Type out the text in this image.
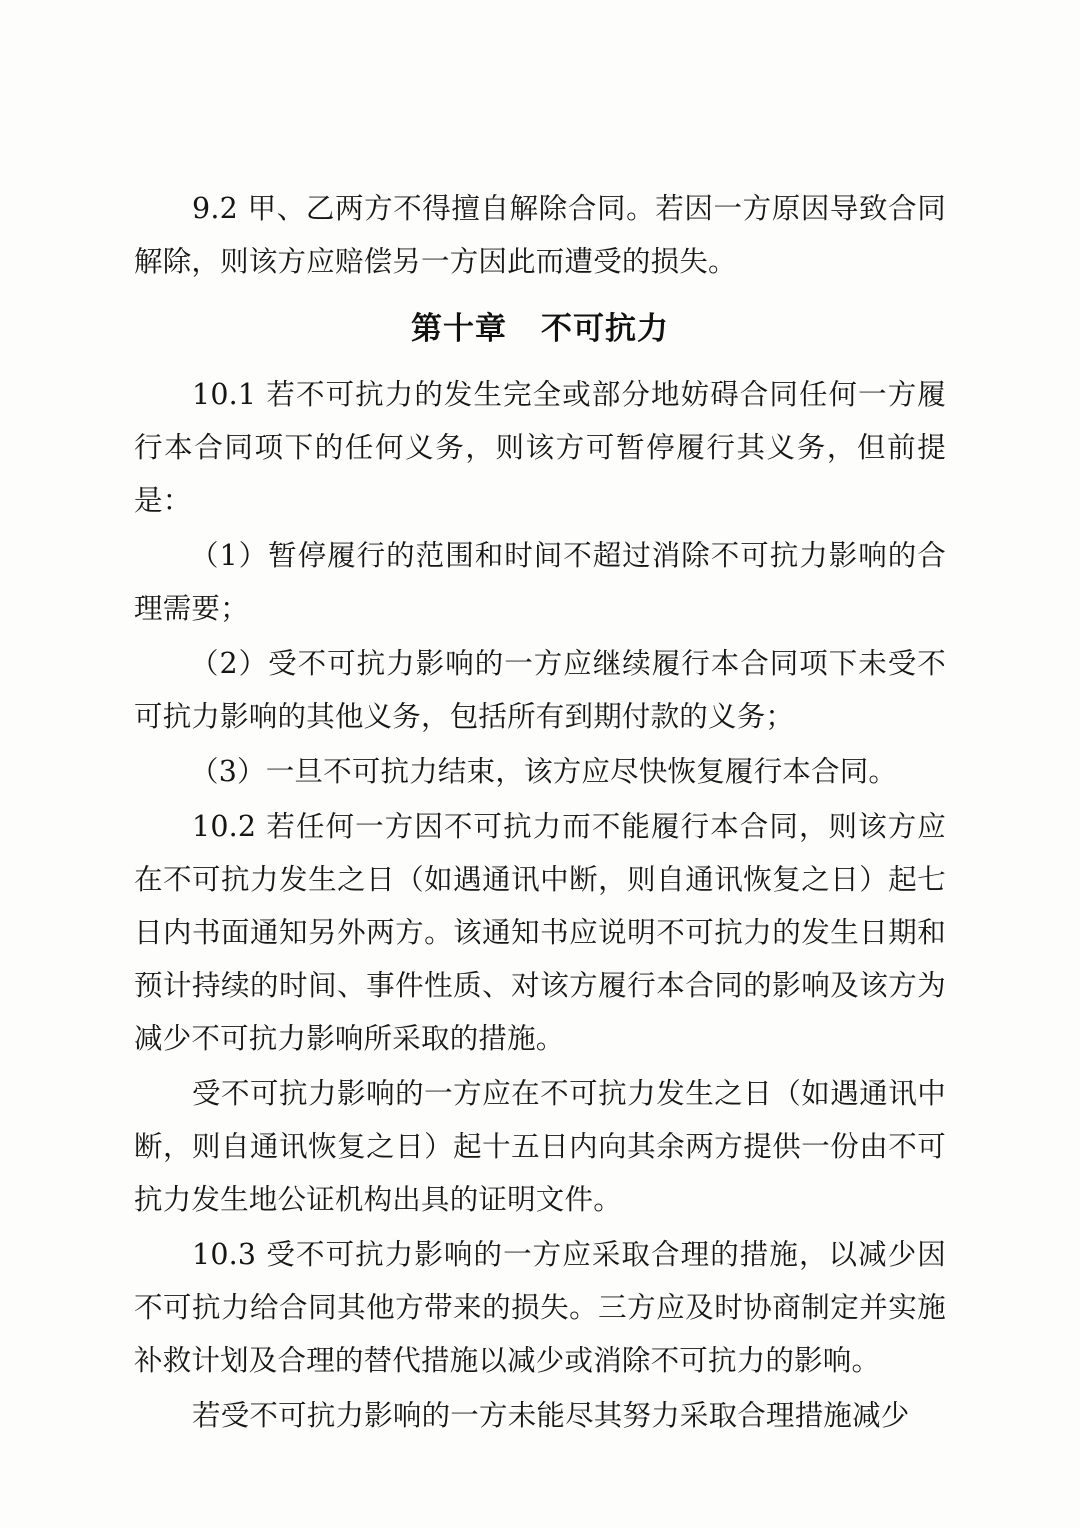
9.2 甲、乙两方不得擅自解除合同。若因一方原因导致合同解除，则该方应赔偿另一方因此而遭受的损失。

第十章 不可抗力

10.1 若不可抗力的发生完全或部分地妨碍合同任何一方履行本合同项下的任何义务，则该方可暂停履行其义务，但前提是：

（1）暂停履行的范围和时间不超过消除不可抗力影响的合理需要；

（2）受不可抗力影响的一方应继续履行本合同项下未受不可抗力影响的其他义务，包括所有到期付款的义务；

（3）一旦不可抗力结束，该方应尽快恢复履行本合同。

10.2 若任何一方因不可抗力而不能履行本合同，则该方应在不可抗力发生之日（如遇通讯中断，则自通讯恢复之日）起七日内书面通知另外两方。该通知书应说明不可抗力的发生日期和预计持续的时间、事件性质、对该方履行本合同的影响及该方为减少不可抗力影响所采取的措施。

受不可抗力影响的一方应在不可抗力发生之日（如遇通讯中断，则自通讯恢复之日）起十五日内向其余两方提供一份由不可抗力发生地公证机构出具的证明文件。

10.3 受不可抗力影响的一方应采取合理的措施，以减少因不可抗力给合同其他方带来的损失。三方应及时协商制定并实施补救计划及合理的替代措施以减少或消除不可抗力的影响。

若受不可抗力影响的一方未能尽其努力采取合理措施减少
